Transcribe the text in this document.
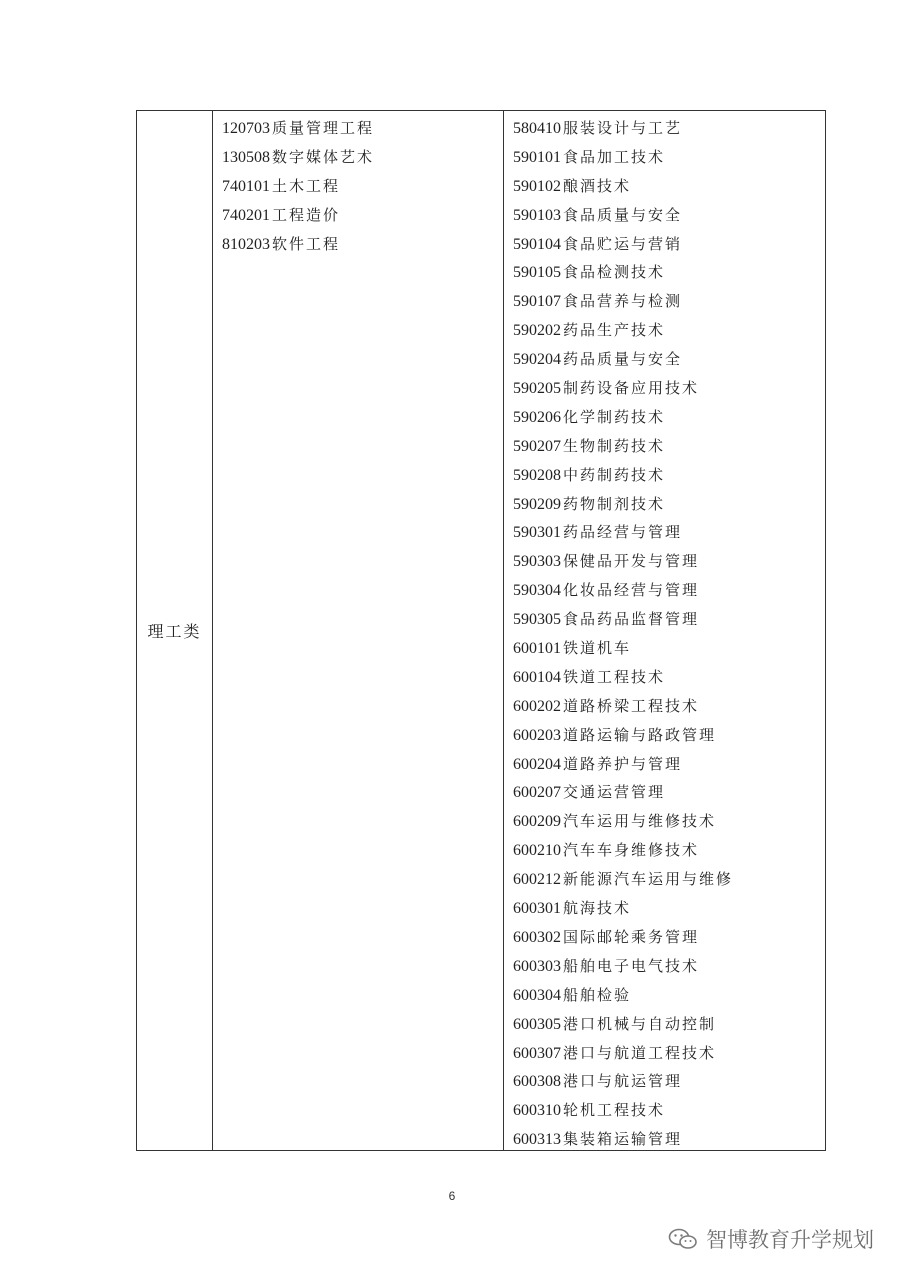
理工类
120703 质量管理工程
130508 数字媒体艺术
740101 土木工程
740201 工程造价
810203 软件工程
580410 服装设计与工艺
590101 食品加工技术
590102 酿酒技术
590103 食品质量与安全
590104 食品贮运与营销
590105 食品检测技术
590107 食品营养与检测
590202 药品生产技术
590204 药品质量与安全
590205 制药设备应用技术
590206 化学制药技术
590207 生物制药技术
590208 中药制药技术
590209 药物制剂技术
590301 药品经营与管理
590303 保健品开发与管理
590304 化妆品经营与管理
590305 食品药品监督管理
600101 铁道机车
600104 铁道工程技术
600202 道路桥梁工程技术
600203 道路运输与路政管理
600204 道路养护与管理
600207 交通运营管理
600209 汽车运用与维修技术
600210 汽车车身维修技术
600212 新能源汽车运用与维修
600301 航海技术
600302 国际邮轮乘务管理
600303 船舶电子电气技术
600304 船舶检验
600305 港口机械与自动控制
600307 港口与航道工程技术
600308 港口与航运管理
600310 轮机工程技术
600313 集装箱运输管理
6
智博教育升学规划
